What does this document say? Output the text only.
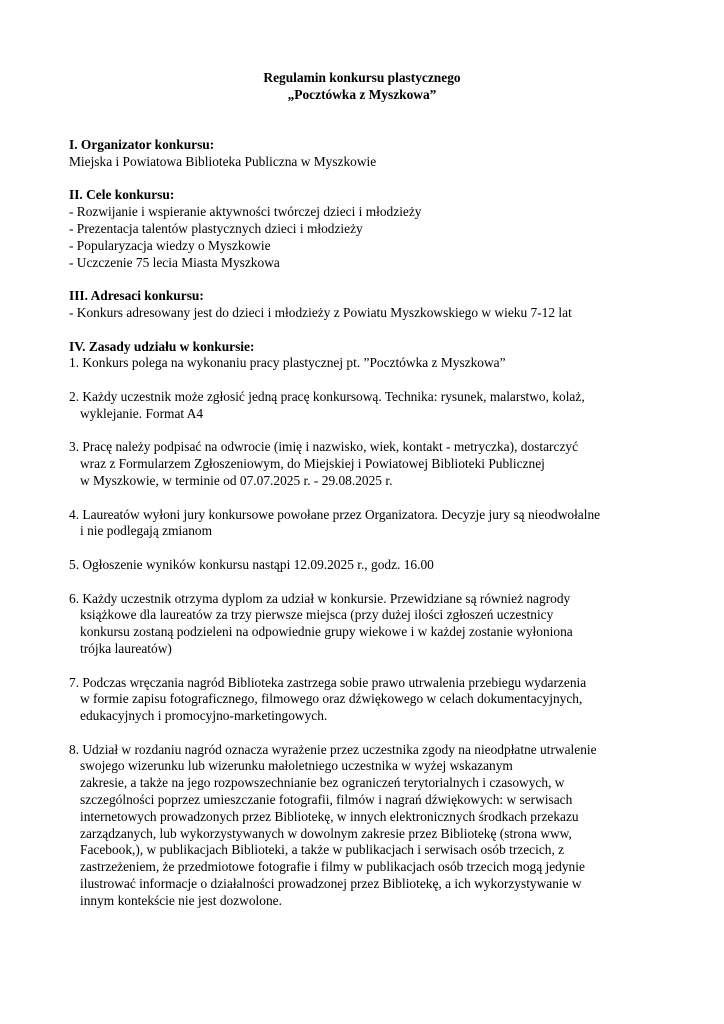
Regulamin konkursu plastycznego
„Pocztówka z Myszkowa”
I. Organizator konkursu:
Miejska i Powiatowa Biblioteka Publiczna w Myszkowie
II. Cele konkursu:
- Rozwijanie i wspieranie aktywności twórczej dzieci i młodzieży
- Prezentacja talentów plastycznych dzieci i młodzieży
- Popularyzacja wiedzy o Myszkowie
- Uczczenie 75 lecia Miasta Myszkowa
III. Adresaci konkursu:
- Konkurs adresowany jest do dzieci i młodzieży z Powiatu Myszkowskiego w wieku 7-12 lat
IV. Zasady udziału w konkursie:
1. Konkurs polega na wykonaniu pracy plastycznej pt. ”Pocztówka z Myszkowa”
2. Każdy uczestnik może zgłosić jedną pracę konkursową. Technika: rysunek, malarstwo, kolaż,
wyklejanie. Format A4
3. Pracę należy podpisać na odwrocie (imię i nazwisko, wiek, kontakt - metryczka), dostarczyć
wraz z Formularzem Zgłoszeniowym, do Miejskiej i Powiatowej Biblioteki Publicznej
w Myszkowie, w terminie od 07.07.2025 r. - 29.08.2025 r.
4. Laureatów wyłoni jury konkursowe powołane przez Organizatora. Decyzje jury są nieodwołalne
i nie podlegają zmianom
5. Ogłoszenie wyników konkursu nastąpi 12.09.2025 r., godz. 16.00
6. Każdy uczestnik otrzyma dyplom za udział w konkursie. Przewidziane są również nagrody
książkowe dla laureatów za trzy pierwsze miejsca (przy dużej ilości zgłoszeń uczestnicy
konkursu zostaną podzieleni na odpowiednie grupy wiekowe i w każdej zostanie wyłoniona
trójka laureatów)
7. Podczas wręczania nagród Biblioteka zastrzega sobie prawo utrwalenia przebiegu wydarzenia
w formie zapisu fotograficznego, filmowego oraz dźwiękowego w celach dokumentacyjnych,
edukacyjnych i promocyjno-marketingowych.
8. Udział w rozdaniu nagród oznacza wyrażenie przez uczestnika zgody na nieodpłatne utrwalenie
swojego wizerunku lub wizerunku małoletniego uczestnika w wyżej wskazanym
zakresie, a także na jego rozpowszechnianie bez ograniczeń terytorialnych i czasowych, w
szczególności poprzez umieszczanie fotografii, filmów i nagrań dźwiękowych: w serwisach
internetowych prowadzonych przez Bibliotekę, w innych elektronicznych środkach przekazu
zarządzanych, lub wykorzystywanych w dowolnym zakresie przez Bibliotekę (strona www,
Facebook,), w publikacjach Biblioteki, a także w publikacjach i serwisach osób trzecich, z
zastrzeżeniem, że przedmiotowe fotografie i filmy w publikacjach osób trzecich mogą jedynie
ilustrować informacje o działalności prowadzonej przez Bibliotekę, a ich wykorzystywanie w
innym kontekście nie jest dozwolone.
